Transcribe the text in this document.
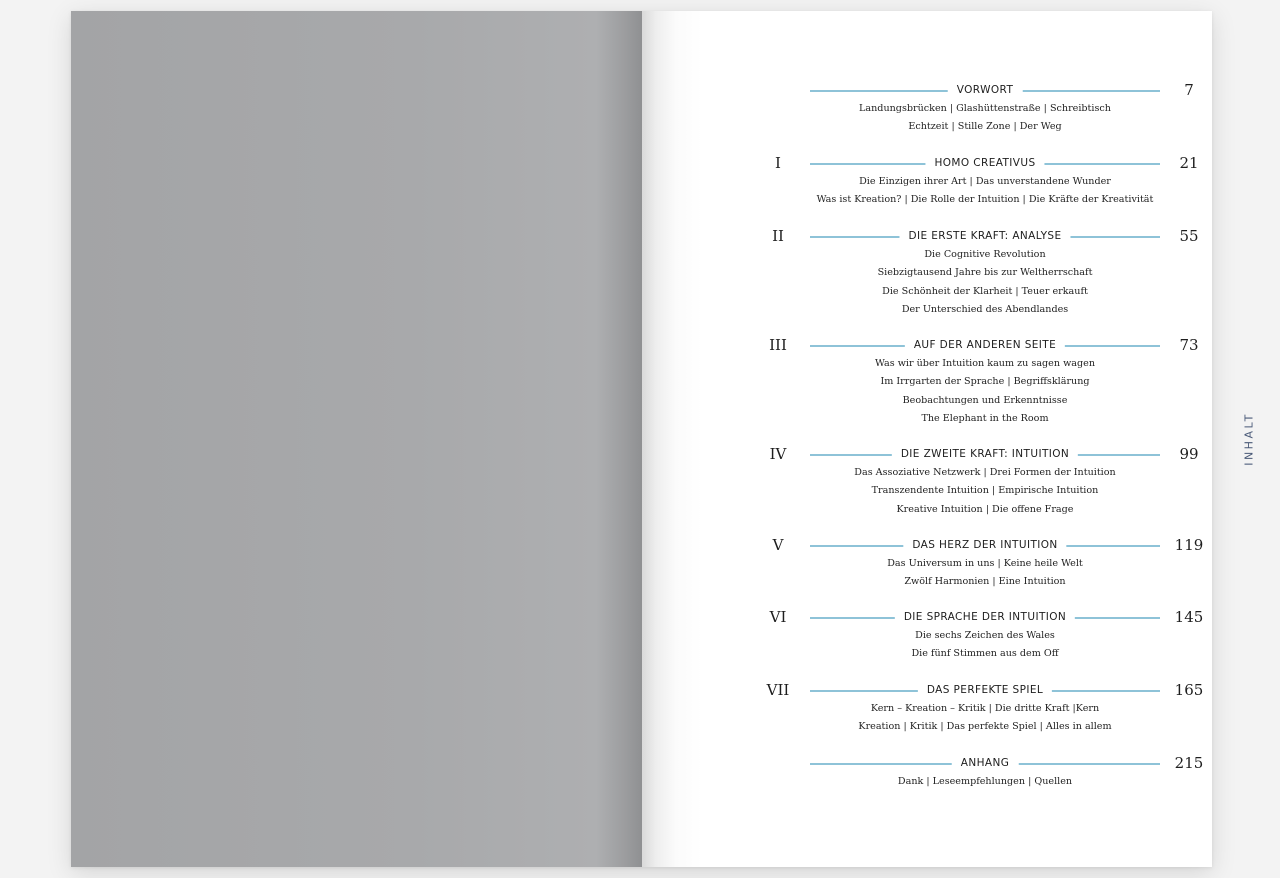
VORWORT	7
Landungsbrücken | Glashüttenstraße | Schreibtisch
Echtzeit | Stille Zone | Der Weg
I	HOMO CREATIVUS	21
Die Einzigen ihrer Art | Das unverstandene Wunder
Was ist Kreation? | Die Rolle der Intuition | Die Kräfte der Kreativität
II	DIE ERSTE KRAFT: ANALYSE	55
Die Cognitive Revolution
Siebzigtausend Jahre bis zur Weltherrschaft
Die Schönheit der Klarheit | Teuer erkauft
Der Unterschied des Abendlandes
III	AUF DER ANDEREN SEITE	73
Was wir über Intuition kaum zu sagen wagen
Im Irrgarten der Sprache | Begriffsklärung
Beobachtungen und Erkenntnisse
The Elephant in the Room
IV	DIE ZWEITE KRAFT: INTUITION	99
Das Assoziative Netzwerk | Drei Formen der Intuition
Transzendente Intuition | Empirische Intuition
Kreative Intuition | Die offene Frage
V	DAS HERZ DER INTUITION	119
Das Universum in uns | Keine heile Welt
Zwölf Harmonien | Eine Intuition
VI	DIE SPRACHE DER INTUITION	145
Die sechs Zeichen des Wales
Die fünf Stimmen aus dem Off
VII	DAS PERFEKTE SPIEL	165
Kern – Kreation – Kritik | Die dritte Kraft |Kern
Kreation | Kritik | Das perfekte Spiel | Alles in allem
ANHANG	215
Dank | Leseempfehlungen | Quellen
INHALT
